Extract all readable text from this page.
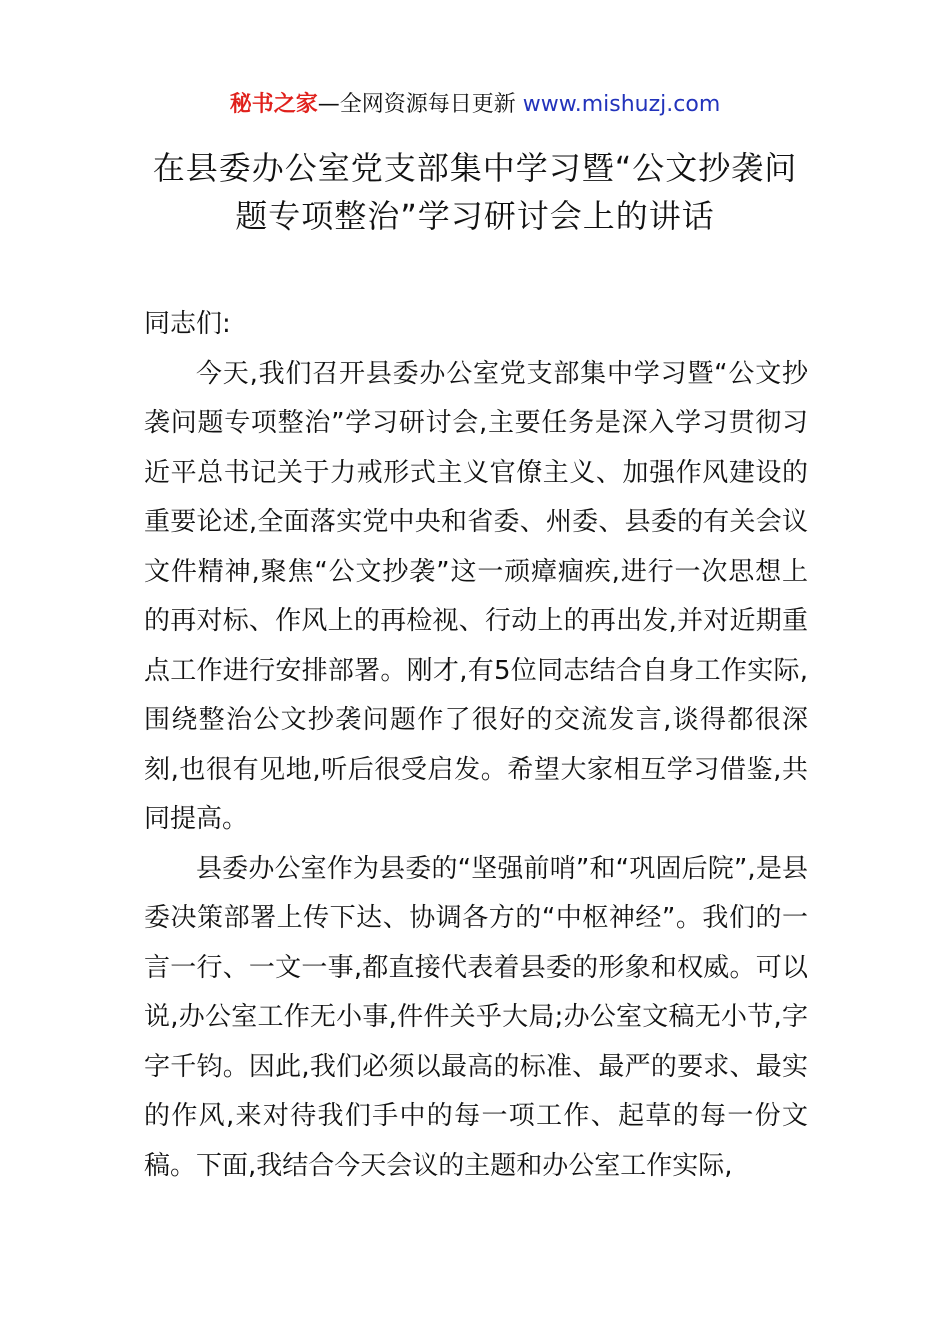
秘书之家—全网资源每日更新 www.mishuzj.com
在县委办公室党支部集中学习暨“公文抄袭问
题专项整治”学习研讨会上的讲话

同志们:

今天,我们召开县委办公室党支部集中学习暨“公文抄袭问题专项整治”学习研讨会,主要任务是深入学习贯彻习近平总书记关于力戒形式主义官僚主义、加强作风建设的重要论述,全面落实党中央和省委、州委、县委的有关会议文件精神,聚焦“公文抄袭”这一顽瘴痼疾,进行一次思想上的再对标、作风上的再检视、行动上的再出发,并对近期重点工作进行安排部署。刚才,有5位同志结合自身工作实际,围绕整治公文抄袭问题作了很好的交流发言,谈得都很深刻,也很有见地,听后很受启发。希望大家相互学习借鉴,共同提高。

县委办公室作为县委的“坚强前哨”和“巩固后院”,是县委决策部署上传下达、协调各方的“中枢神经”。我们的一言一行、一文一事,都直接代表着县委的形象和权威。可以说,办公室工作无小事,件件关乎大局;办公室文稿无小节,字字千钧。因此,我们必须以最高的标准、最严的要求、最实的作风,来对待我们手中的每一项工作、起草的每一份文稿。下面,我结合今天会议的主题和办公室工作实际,
